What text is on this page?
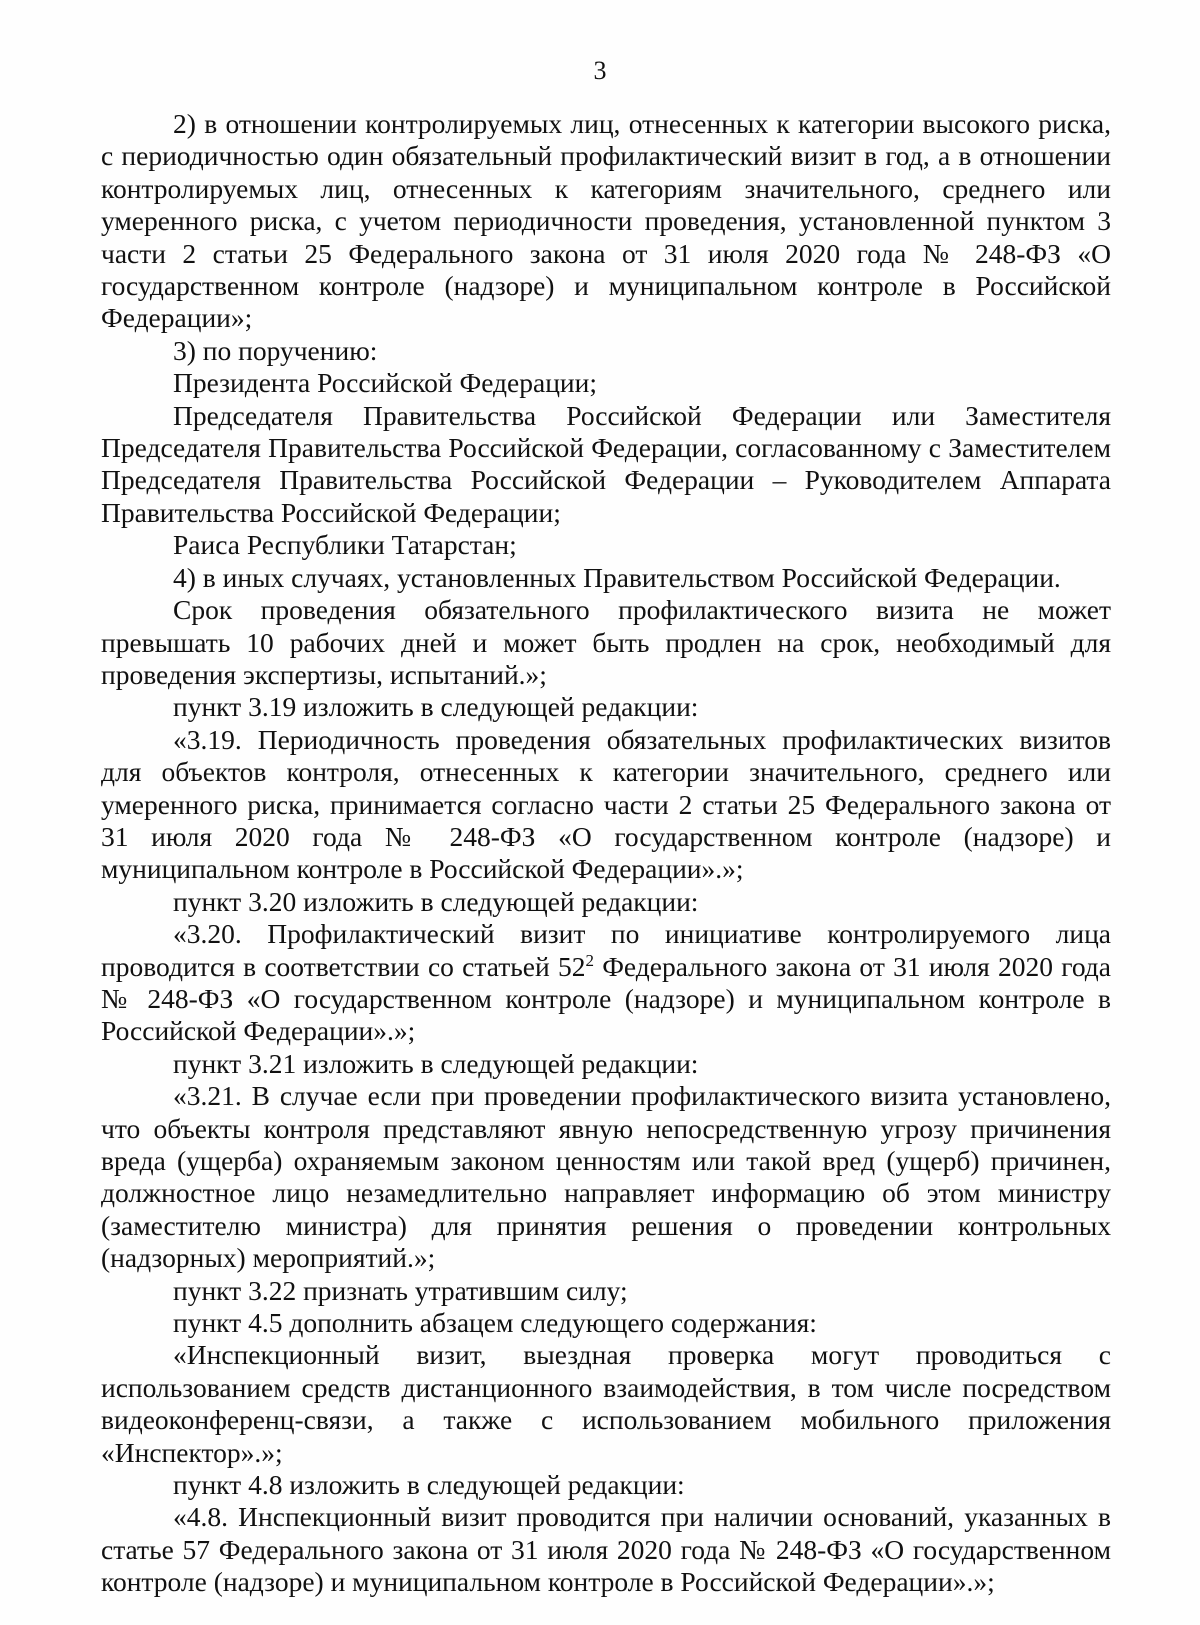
3

2) в отношении контролируемых лиц, отнесенных к категории высокого риска, с периодичностью один обязательный профилактический визит в год, а в отношении контролируемых лиц, отнесенных к категориям значительного, среднего или умеренного риска, с учетом периодичности проведения, установленной пунктом 3 части 2 статьи 25 Федерального закона от 31 июля 2020 года № 248-ФЗ «О государственном контроле (надзоре) и муниципальном контроле в Российской Федерации»;

3) по поручению:

Президента Российской Федерации;

Председателя Правительства Российской Федерации или Заместителя Председателя Правительства Российской Федерации, согласованному с Заместителем Председателя Правительства Российской Федерации – Руководителем Аппарата Правительства Российской Федерации;

Раиса Республики Татарстан;

4) в иных случаях, установленных Правительством Российской Федерации.

Срок проведения обязательного профилактического визита не может превышать 10 рабочих дней и может быть продлен на срок, необходимый для проведения экспертизы, испытаний.»;

пункт 3.19 изложить в следующей редакции:

«3.19. Периодичность проведения обязательных профилактических визитов для объектов контроля, отнесенных к категории значительного, среднего или умеренного риска, принимается согласно части 2 статьи 25 Федерального закона от 31 июля 2020 года № 248-ФЗ «О государственном контроле (надзоре) и муниципальном контроле в Российской Федерации».»;

пункт 3.20 изложить в следующей редакции:

«3.20. Профилактический визит по инициативе контролируемого лица проводится в соответствии со статьей $52^2$ Федерального закона от 31 июля 2020 года № 248-ФЗ «О государственном контроле (надзоре) и муниципальном контроле в Российской Федерации».»;

пункт 3.21 изложить в следующей редакции:

«3.21. В случае если при проведении профилактического визита установлено, что объекты контроля представляют явную непосредственную угрозу причинения вреда (ущерба) охраняемым законом ценностям или такой вред (ущерб) причинен, должностное лицо незамедлительно направляет информацию об этом министру (заместителю министра) для принятия решения о проведении контрольных (надзорных) мероприятий.»;

пункт 3.22 признать утратившим силу;

пункт 4.5 дополнить абзацем следующего содержания:

«Инспекционный визит, выездная проверка могут проводиться с использованием средств дистанционного взаимодействия, в том числе посредством видеоконференц-связи, а также с использованием мобильного приложения «Инспектор».»;

пункт 4.8 изложить в следующей редакции:

«4.8. Инспекционный визит проводится при наличии оснований, указанных в статье 57 Федерального закона от 31 июля 2020 года № 248-ФЗ «О государственном контроле (надзоре) и муниципальном контроле в Российской Федерации».»;
